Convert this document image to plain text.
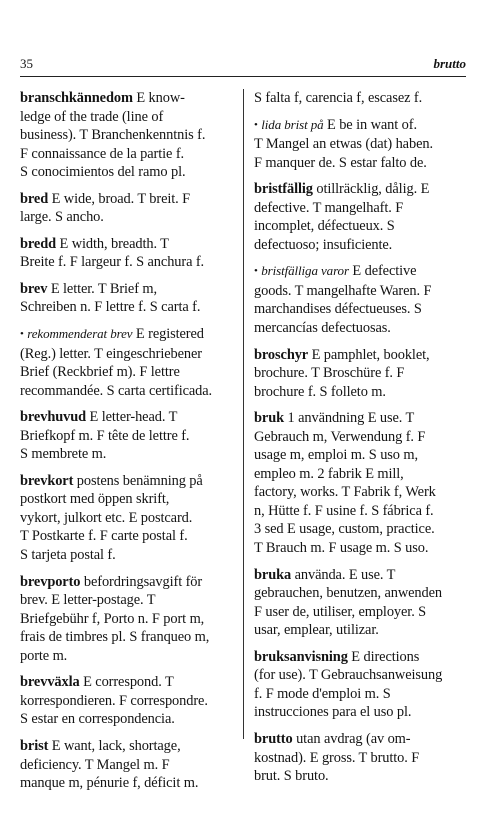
35	brutto
branschkännedom E know-
ledge of the trade (line of
business). T Branchenkenntnis f.
F connaissance de la partie f.
S conocimientos del ramo pl.
bred E wide, broad. T breit. F
large. S ancho.
bredd E width, breadth. T
Breite f. F largeur f. S anchura f.
brev E letter. T Brief m,
Schreiben n. F lettre f. S carta f.
• rekommenderat brev E registered
(Reg.) letter. T eingeschriebener
Brief (Reckbrief m). F lettre
recommandée. S carta certificada.
brevhuvud E letter-head. T
Briefkopf m. F tête de lettre f.
S membrete m.
brevkort postens benämning på
postkort med öppen skrift,
vykort, julkort etc. E postcard.
T Postkarte f. F carte postal f.
S tarjeta postal f.
brevporto befordringsavgift för
brev. E letter-postage. T
Briefgebühr f, Porto n. F port m,
frais de timbres pl. S franqueo m,
porte m.
brevväxla E correspond. T
korrespondieren. F correspondre.
S estar en correspondencia.
brist E want, lack, shortage,
deficiency. T Mangel m. F
manque m, pénurie f, déficit m.
S falta f, carencia f, escasez f.
• lida brist på E be in want of.
T Mangel an etwas (dat) haben.
F manquer de. S estar falto de.
bristfällig otillräcklig, dålig. E
defective. T mangelhaft. F
incomplet, défectueux. S
defectuoso; insuficiente.
• bristfälliga varor E defective
goods. T mangelhafte Waren. F
marchandises défectueuses. S
mercancías defectuosas.
broschyr E pamphlet, booklet,
brochure. T Broschüre f. F
brochure f. S folleto m.
bruk 1 användning E use. T
Gebrauch m, Verwendung f. F
usage m, emploi m. S uso m,
empleo m. 2 fabrik E mill,
factory, works. T Fabrik f, Werk
n, Hütte f. F usine f. S fábrica f.
3 sed E usage, custom, practice.
T Brauch m. F usage m. S uso.
bruka använda. E use. T
gebrauchen, benutzen, anwenden
F user de, utiliser, employer. S
usar, emplear, utilizar.
bruksanvisning E directions
(for use). T Gebrauchsanweisung
f. F mode d'emploi m. S
instrucciones para el uso pl.
brutto utan avdrag (av om-
kostnad). E gross. T brutto. F
brut. S bruto.
